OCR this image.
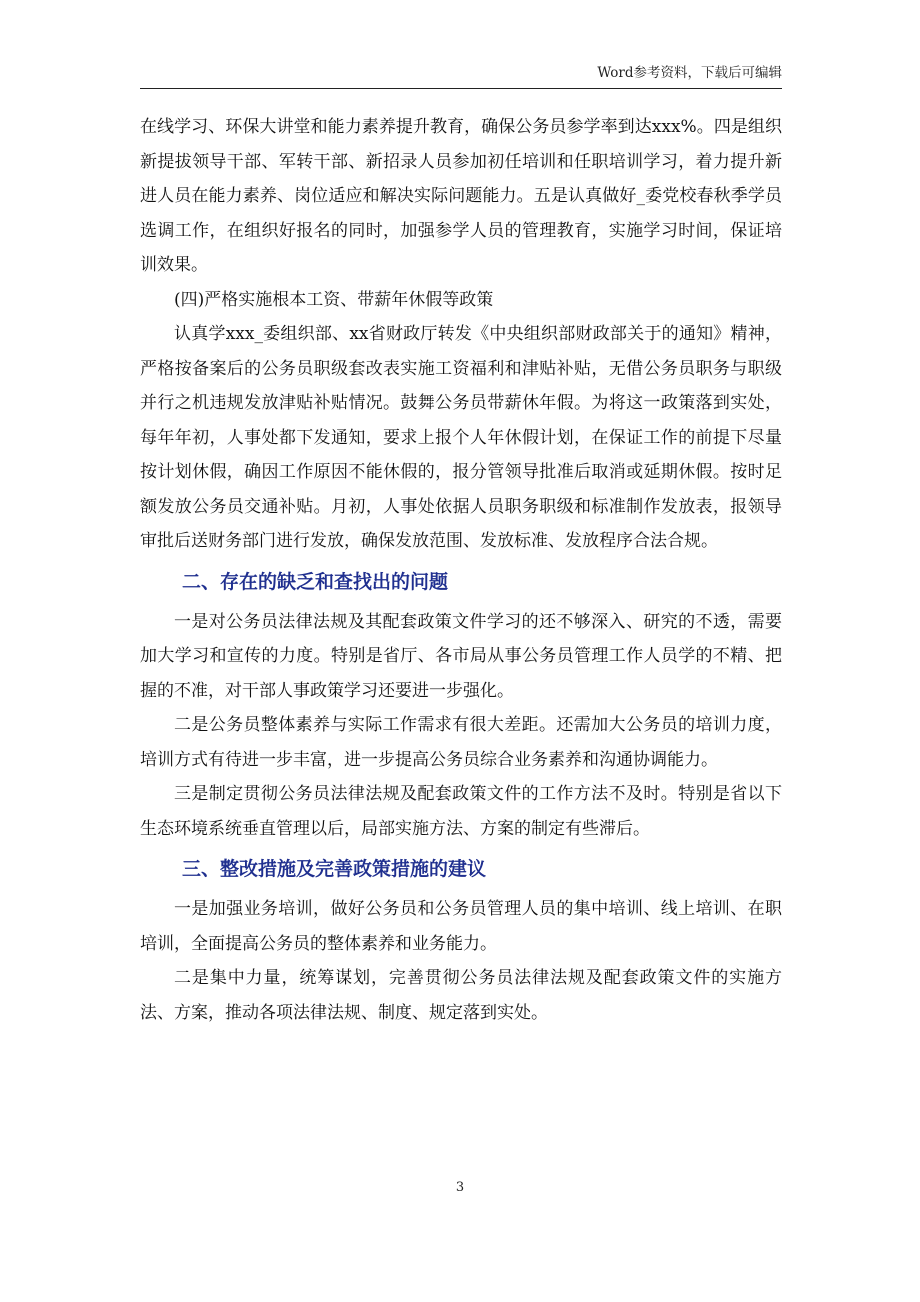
Word参考资料，下载后可编辑

在线学习、环保大讲堂和能力素养提升教育，确保公务员参学率到达xxx%。四是组织新提拔领导干部、军转干部、新招录人员参加初任培训和任职培训学习，着力提升新进人员在能力素养、岗位适应和解决实际问题能力。五是认真做好_委党校春秋季学员选调工作，在组织好报名的同时，加强参学人员的管理教育，实施学习时间，保证培训效果。

(四)严格实施根本工资、带薪年休假等政策

认真学xxx_委组织部、xx省财政厅转发《中央组织部财政部关于的通知》精神，严格按备案后的公务员职级套改表实施工资福利和津贴补贴，无借公务员职务与职级并行之机违规发放津贴补贴情况。鼓舞公务员带薪休年假。为将这一政策落到实处，每年年初，人事处都下发通知，要求上报个人年休假计划，在保证工作的前提下尽量按计划休假，确因工作原因不能休假的，报分管领导批准后取消或延期休假。按时足额发放公务员交通补贴。月初，人事处依据人员职务职级和标准制作发放表，报领导审批后送财务部门进行发放，确保发放范围、发放标准、发放程序合法合规。

二、存在的缺乏和查找出的问题

一是对公务员法律法规及其配套政策文件学习的还不够深入、研究的不透，需要加大学习和宣传的力度。特别是省厅、各市局从事公务员管理工作人员学的不精、把握的不准，对干部人事政策学习还要进一步强化。

二是公务员整体素养与实际工作需求有很大差距。还需加大公务员的培训力度，培训方式有待进一步丰富，进一步提高公务员综合业务素养和沟通协调能力。

三是制定贯彻公务员法律法规及配套政策文件的工作方法不及时。特别是省以下生态环境系统垂直管理以后，局部实施方法、方案的制定有些滞后。

三、整改措施及完善政策措施的建议

一是加强业务培训，做好公务员和公务员管理人员的集中培训、线上培训、在职培训，全面提高公务员的整体素养和业务能力。

二是集中力量，统筹谋划，完善贯彻公务员法律法规及配套政策文件的实施方法、方案，推动各项法律法规、制度、规定落到实处。

3
